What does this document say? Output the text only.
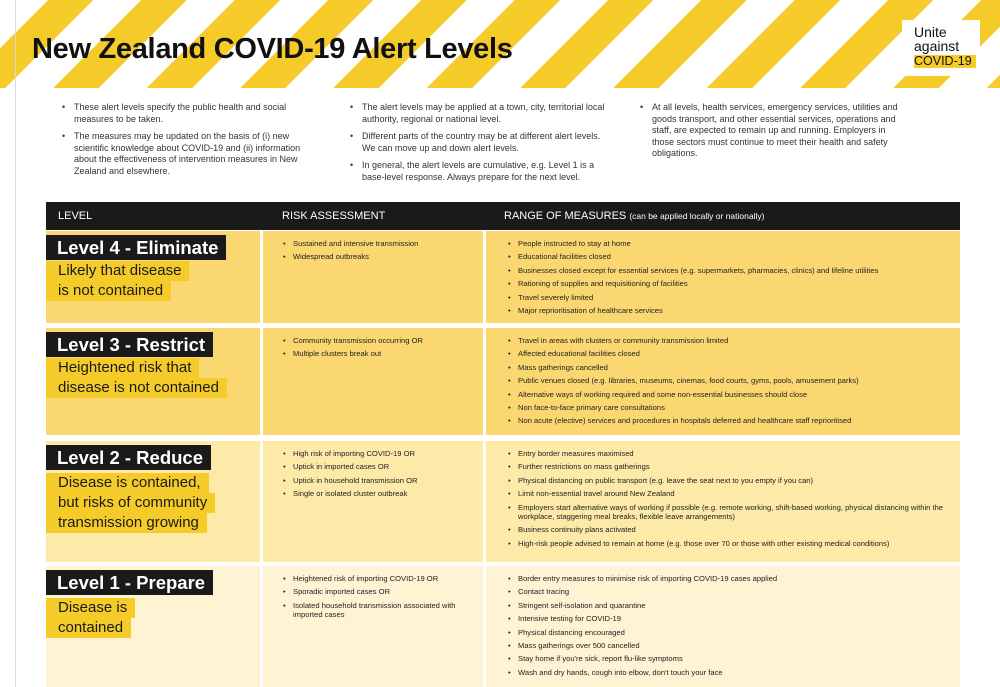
New Zealand COVID-19 Alert Levels
Unite
against
COVID-19
• These alert levels specify the public health and social measures to be taken.
• The measures may be updated on the basis of (i) new scientific knowledge about COVID-19 and (ii) information about the effectiveness of intervention measures in New Zealand and elsewhere.
• The alert levels may be applied at a town, city, territorial local authority, regional or national level.
• Different parts of the country may be at different alert levels. We can move up and down alert levels.
• In general, the alert levels are cumulative, e.g. Level 1 is a base-level response. Always prepare for the next level.
• At all levels, health services, emergency services, utilities and goods transport, and other essential services, operations and staff, are expected to remain up and running. Employers in those sectors must continue to meet their health and safety obligations.
LEVEL	RISK ASSESSMENT	RANGE OF MEASURES (can be applied locally or nationally)
Level 4 - Eliminate
Likely that disease
is not contained
• Sustained and intensive transmission
• Widespread outbreaks
• People instructed to stay at home
• Educational facilities closed
• Businesses closed except for essential services (e.g. supermarkets, pharmacies, clinics) and lifeline utilities
• Rationing of supplies and requisitioning of facilities
• Travel severely limited
• Major reprioritisation of healthcare services
Level 3 - Restrict
Heightened risk that
disease is not contained
• Community transmission occurring OR
• Multiple clusters break out
• Travel in areas with clusters or community transmission limited
• Affected educational facilities closed
• Mass gatherings cancelled
• Public venues closed (e.g. libraries, museums, cinemas, food courts, gyms, pools, amusement parks)
• Alternative ways of working required and some non-essential businesses should close
• Non face-to-face primary care consultations
• Non acute (elective) services and procedures in hospitals deferred and healthcare staff reprioritised
Level 2 - Reduce
Disease is contained,
but risks of community
transmission growing
• High risk of importing COVID-19 OR
• Uptick in imported cases OR
• Uptick in household transmission OR
• Single or isolated cluster outbreak
• Entry border measures maximised
• Further restrictions on mass gatherings
• Physical distancing on public transport (e.g. leave the seat next to you empty if you can)
• Limit non-essential travel around New Zealand
• Employers start alternative ways of working if possible (e.g. remote working, shift-based working, physical distancing within the workplace, staggering meal breaks, flexible leave arrangements)
• Business continuity plans activated
• High-risk people advised to remain at home (e.g. those over 70 or those with other existing medical conditions)
Level 1 - Prepare
Disease is
contained
• Heightened risk of importing COVID-19 OR
• Sporadic imported cases OR
• Isolated household transmission associated with imported cases
• Border entry measures to minimise risk of importing COVID-19 cases applied
• Contact tracing
• Stringent self-isolation and quarantine
• Intensive testing for COVID-19
• Physical distancing encouraged
• Mass gatherings over 500 cancelled
• Stay home if you're sick, report flu-like symptoms
• Wash and dry hands, cough into elbow, don't touch your face
